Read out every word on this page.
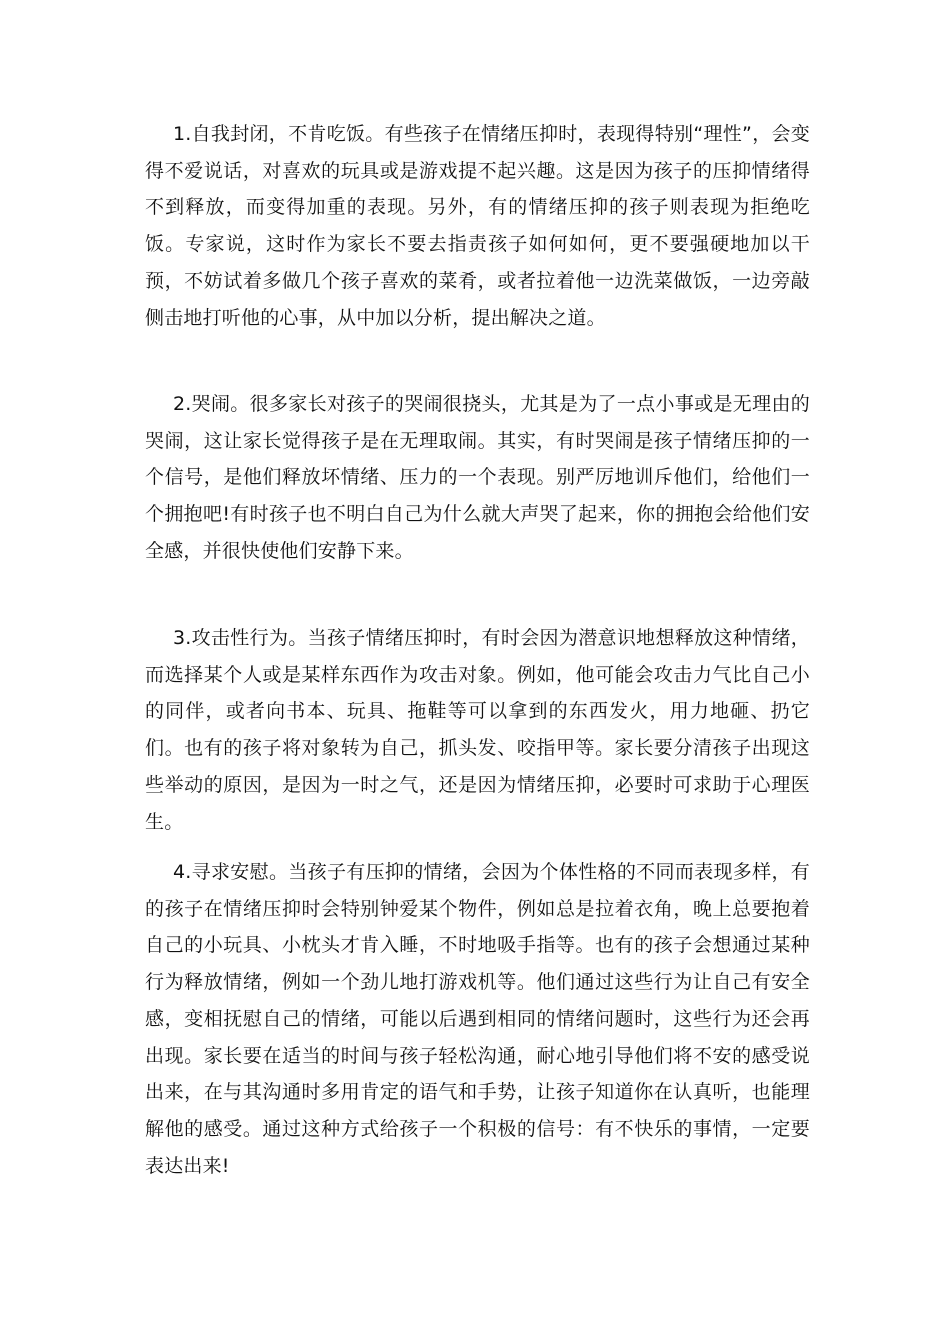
1.自我封闭，不肯吃饭。有些孩子在情绪压抑时，表现得特别“理性”，会变得不爱说话，对喜欢的玩具或是游戏提不起兴趣。这是因为孩子的压抑情绪得不到释放，而变得加重的表现。另外，有的情绪压抑的孩子则表现为拒绝吃饭。专家说，这时作为家长不要去指责孩子如何如何，更不要强硬地加以干预，不妨试着多做几个孩子喜欢的菜肴，或者拉着他一边洗菜做饭，一边旁敲侧击地打听他的心事，从中加以分析，提出解决之道。

2.哭闹。很多家长对孩子的哭闹很挠头，尤其是为了一点小事或是无理由的哭闹，这让家长觉得孩子是在无理取闹。其实，有时哭闹是孩子情绪压抑的一个信号，是他们释放坏情绪、压力的一个表现。别严厉地训斥他们，给他们一个拥抱吧!有时孩子也不明白自己为什么就大声哭了起来，你的拥抱会给他们安全感，并很快使他们安静下来。

3.攻击性行为。当孩子情绪压抑时，有时会因为潜意识地想释放这种情绪，而选择某个人或是某样东西作为攻击对象。例如，他可能会攻击力气比自己小的同伴，或者向书本、玩具、拖鞋等可以拿到的东西发火，用力地砸、扔它们。也有的孩子将对象转为自己，抓头发、咬指甲等。家长要分清孩子出现这些举动的原因，是因为一时之气，还是因为情绪压抑，必要时可求助于心理医生。

4.寻求安慰。当孩子有压抑的情绪，会因为个体性格的不同而表现多样，有的孩子在情绪压抑时会特别钟爱某个物件，例如总是拉着衣角，晚上总要抱着自己的小玩具、小枕头才肯入睡，不时地吸手指等。也有的孩子会想通过某种行为释放情绪，例如一个劲儿地打游戏机等。他们通过这些行为让自己有安全感，变相抚慰自己的情绪，可能以后遇到相同的情绪问题时，这些行为还会再出现。家长要在适当的时间与孩子轻松沟通，耐心地引导他们将不安的感受说出来，在与其沟通时多用肯定的语气和手势，让孩子知道你在认真听，也能理解他的感受。通过这种方式给孩子一个积极的信号：有不快乐的事情，一定要表达出来!
